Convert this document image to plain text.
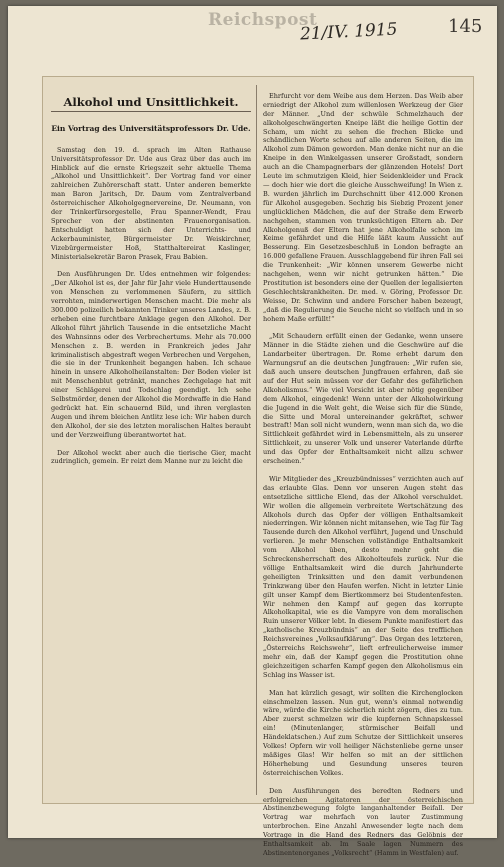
Reichspost
21/IV. 1915	145

Alkohol und Unsittlichkeit.

Ein Vortrag des Universitätsprofessors Dr. Ude.

Samstag den 19. d. sprach im Alten Rathause Universitätsprofessor Dr. Ude aus Graz über das auch im Hinblick auf die ernste Kriegszeit sehr aktuelle Thema „Alkohol und Unsittlichkeit“. Der Vortrag fand vor einer zahlreichen Zuhörerschaft statt. Unter anderen bemerkte man Baron Jaritsch, Dr. Daum vom Zentralverband österreichischer Alkoholgegnervereine, Dr. Neumann, von der Trinkerfürsorgestelle, Frau Spanner-Wendt, Frau Sprecher von der abstinenten Frauenorganisation. Entschuldigt hatten sich der Unterrichts- und Ackerbauminister, Bürgermeister Dr. Weiskirchner, Vizebürgermeister Hoß, Statthaltereirat Kaslinger, Ministerialsekretär Baron Prasek, Frau Babien.

Den Ausführungen Dr. Udes entnehmen wir folgendes: „Der Alkohol ist es, der Jahr für Jahr viele Hunderttausende von Menschen zu verlommenen Säufern, zu sittlich verrohten, minderwertigen Menschen macht. Die mehr als 300.000 polizeilich bekannten Trinker unseres Landes, z. B. erheben eine furchtbare Anklage gegen den Alkohol. Der Alkohol führt jährlich Tausende in die entsetzliche Macht des Wahnsinns oder des Verbrechertums. Mehr als 70.000 Menschen z. B. werden in Frankreich jedes Jahr kriminalistisch abgestraft wegen Verbrechen und Vergehen, die sie in der Trunkenheit begangen haben. Ich schaue hinein in unsere Alkoholheilanstalten: Der Boden vieler ist mit Menschenblut getränkt, manches Zechgelage hat mit einer Schlägerei und Todschlag geendigt. Ich sehe Selbstmörder, denen der Alkohol die Mordwaffe in die Hand gedrückt hat. Ein schauernd Bild, und ihren verglasten Augen und ihrem bleichen Antlitz lese ich: Wir haben durch den Alkohol, der sie des letzten moralischen Haltes beraubt und der Verzweiflung überantwortet hat.

Der Alkohol weckt aber auch die tierische Gier, macht zudringlich, gemein. Er reizt dem Manne nur zu leicht die

Ehrfurcht vor dem Weibe aus dem Herzen. Das Weib aber erniedrigt der Alkohol zum willenlosen Werkzeug der Gier der Männer. „Und der schwüle Schmelzhauch der alkoholgeschwängerten Kneipe läßt die heilige Gottin der Scham, um nicht zu sehen die frechen Blicke und schändlichen Worte scheu auf alle anderen Seiten, die im Alkohol zum Dämon geworden. Man denke nicht nur an die Kneipe in den Winkelgassen unserer Großstadt, sondern auch an die Champagnerbars der glänzenden Hotels! Dort Leute im schmutzigen Kleid, hier Seidenkleider und Frack — doch hier wie dort die gleiche Ausschweifung! In Wien z. B. wurden jährlich im Durchschnitt über 412.000 Kronen für Alkohol ausgegeben. Sechzig bis Siebzig Prozent jener unglücklichen Mädchen, die auf der Straße dem Erwerb nachgehen, stammen von trunksüchtigen Eltern ab. Der Alkoholgenuß der Eltern hat jene Alkoholfalle schon im Keime gefährdet und die Hilfe läßt kaum Aussicht auf Besserung. Ein Gesetzesbeschluß in London befragte an 16.000 gefallene Frauen. Ausschlaggebend für ihren Fall sei die Trunkenheit: „Wir können unserem Gewerbe nicht nachgehen, wenn wir nicht getrunken hätten.“ Die Prostitution ist besonders eine der Quellen der legalisierten Geschlechtskrankheiten. Dr. med. v. Göring, Professor Dr. Weisse, Dr. Schwinn und andere Forscher haben bezeugt, „daß die Regulierung die Seuche nicht so vielfach und in so hohem Maße erfüllt!“

„Mit Schaudern erfüllt einen der Gedanke, wenn unsere Männer in die Städte ziehen und die Geschwüre auf die Landarbeiter übertragen. Dr. Rome erhebt darum den Warnungsruf an die deutschen Jungfrauen: „Wir rufen sie, daß auch unsere deutschen Jungfrauen erfahren, daß sie auf der Hut sein müssen vor der Gefahr des gefährlichen Alkoholismus.“ Wie viel Vorsicht ist aber nötig gegenüber dem Alkohol, eingedenk! Wenn unter der Alkoholwirkung die Jugend in die Welt geht, die Weise sich für die Sünde, die Sitte und Moral untereinander gekräftet, schwer bestraft! Man soll nicht wundern, wenn man sich da, wo die Sittlichkeit gefährdet wird in Lebensmitteln, als zu unserer Sittlichkeit, zu unserer Volk und unserer Vaterlande dürfte und das Opfer der Enthaltsamkeit nicht allzu schwer erscheinen.“

Wir Mitglieder des „Kreuzbündnisses“ verzichten auch auf das erlaubte Glas. Denn vor unseren Augen steht das entsetzliche sittliche Elend, das der Alkohol verschuldet. Wir wollen die allgemein verbreitete Wertschätzung des Alkohols durch das Opfer der völligen Enthaltsamkeit niederringen. Wir können nicht mitansehen, wie Tag für Tag Tausende durch den Alkohol verführt, Jugend und Unschuld verlieren. Je mehr Menschen vollständige Enthaltsamkeit vom Alkohol üben, desto mehr geht die Schreckensherrschaft des Alkoholteufels zurück. Nur die völlige Enthaltsamkeit wird die durch Jahrhunderte geheiligten Trinksitten und den damit verbundenen Trinkzwang über den Haufen werfen. Nicht in letzter Linie gilt unser Kampf dem Biertkommerz bei Studentenfesten. Wir nehmen den Kampf auf gegen das korrupte Alkoholkapital, wie es die Vampyre von dem moralischen Ruin unserer Völker lebt. In diesem Punkte manifestiert das „katholische Kreuzbündnis“ an der Seite des trefflichen Reichsvereines „Volksaufklärung“. Das Organ des letzteren, „Österreichs Reichswehr“, lieft erfreulicherweise immer mehr ein, daß der Kampf gegen die Prostitution ohne gleichzeitigen scharfen Kampf gegen den Alkoholismus ein Schlag ins Wasser ist.

Man hat kürzlich gesagt, wir sollten die Kirchenglocken einschmelzen lassen. Nun gut, wenn's einmal notwendig wäre, würde die Kirche sicherlich nicht zögern, dies zu tun. Aber zuerst schmelzen wir die kupfernen Schnapskessel ein! (Minutenlanger, stürmischer Beifall und Händeklatschen.) Auf zum Schutze der Sittlichkeit unseres Volkes! Opfern wir voll heiliger Nächstenliebe gerne unser mäßiges Glas! Wir helfen so mit an der sittlichen Höherhebung und Gesundung unseres teuren österreichischen Volkes.

Den Ausführungen des beredten Redners und erfolgreichen Agitatoren der österreichischen Abstinenzbewegung folgte langanhaltender Beifall. Der Vortrag war mehrfach von lauter Zustimmung unterbrochen. Eine Anzahl Anwesender legte nach dem Vortrage in die Hand des Redners das Gelöbnis der Enthaltsamkeit ab. Im Saale lagen Nummern des Abstinentenorganes „Volksrecht“ (Hamm in Westfalen) auf.
